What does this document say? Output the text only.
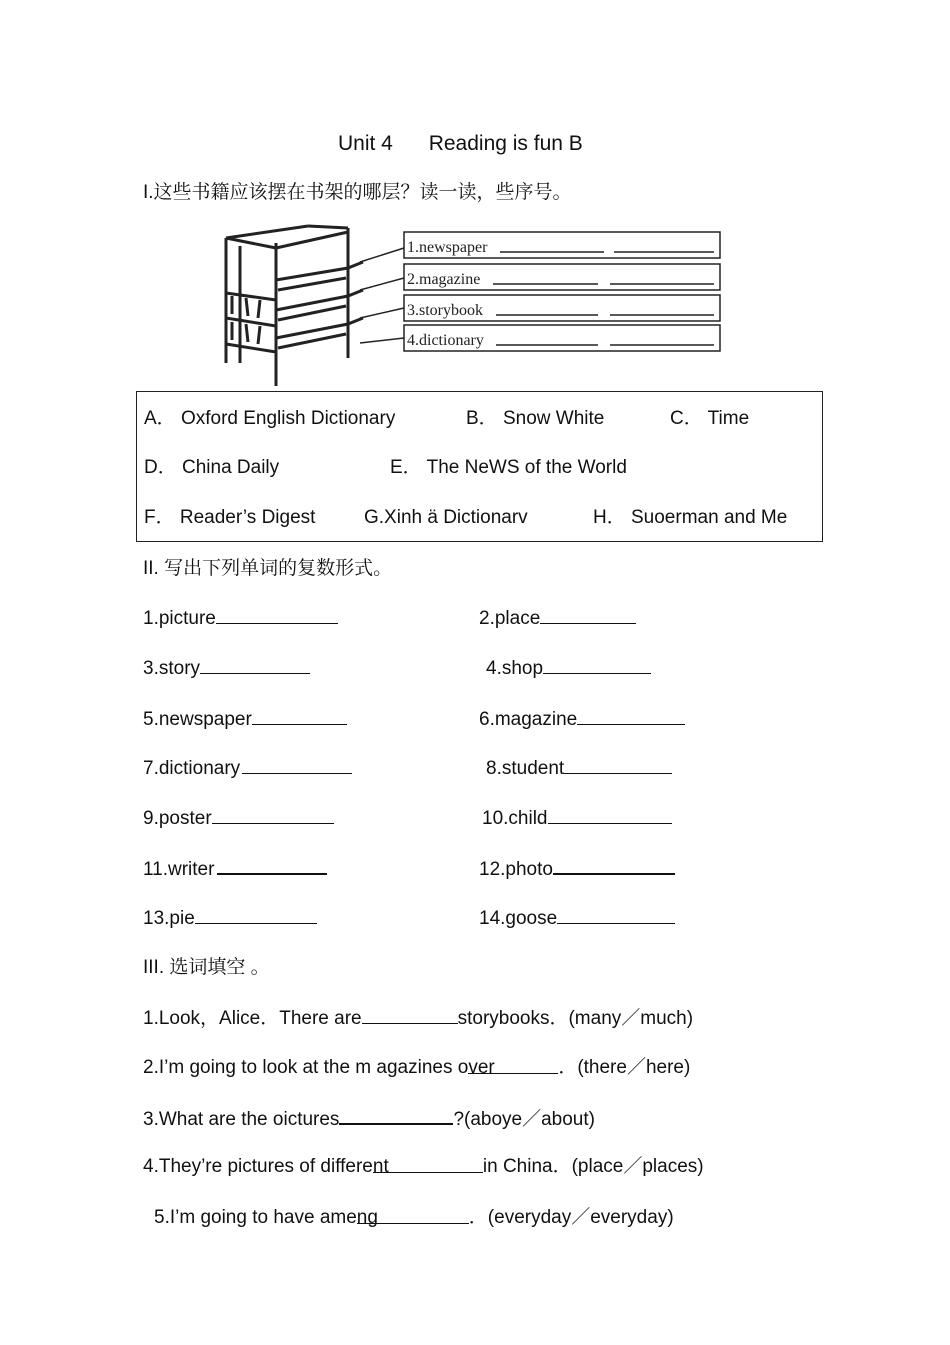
Unit 4 Reading is fun B
I.这些书籍应该摆在书架的哪层？读一读，些序号。
1.newspaper
2.magazine
3.storybook
4.dictionary
A． Oxford English Dictionary	B． Snow White	C． Time
D． China Daily	E． The NeWS of the World
F． Reader’s Digest	G.Xinh ä Dictionarv	H． Suoerman and Me
II. 写出下列单词的复数形式。
1.picture	2.place
3.story	4.shop
5.newspaper	6.magazine
7.dictionary	8.student
9.poster	10.child
11.writer	12.photo
13.pie	14.goose
III. 选词填空 。
1.Look，Alice．There are	storybooks．(many／much)
2.I’m going to look at the m agazines over	．(there／here)
3.What are the oictures	?(aboye／about)
4.They’re pictures of different	in China．(place／places)
5.I’m going to have ameng	．(everyday／everyday)
